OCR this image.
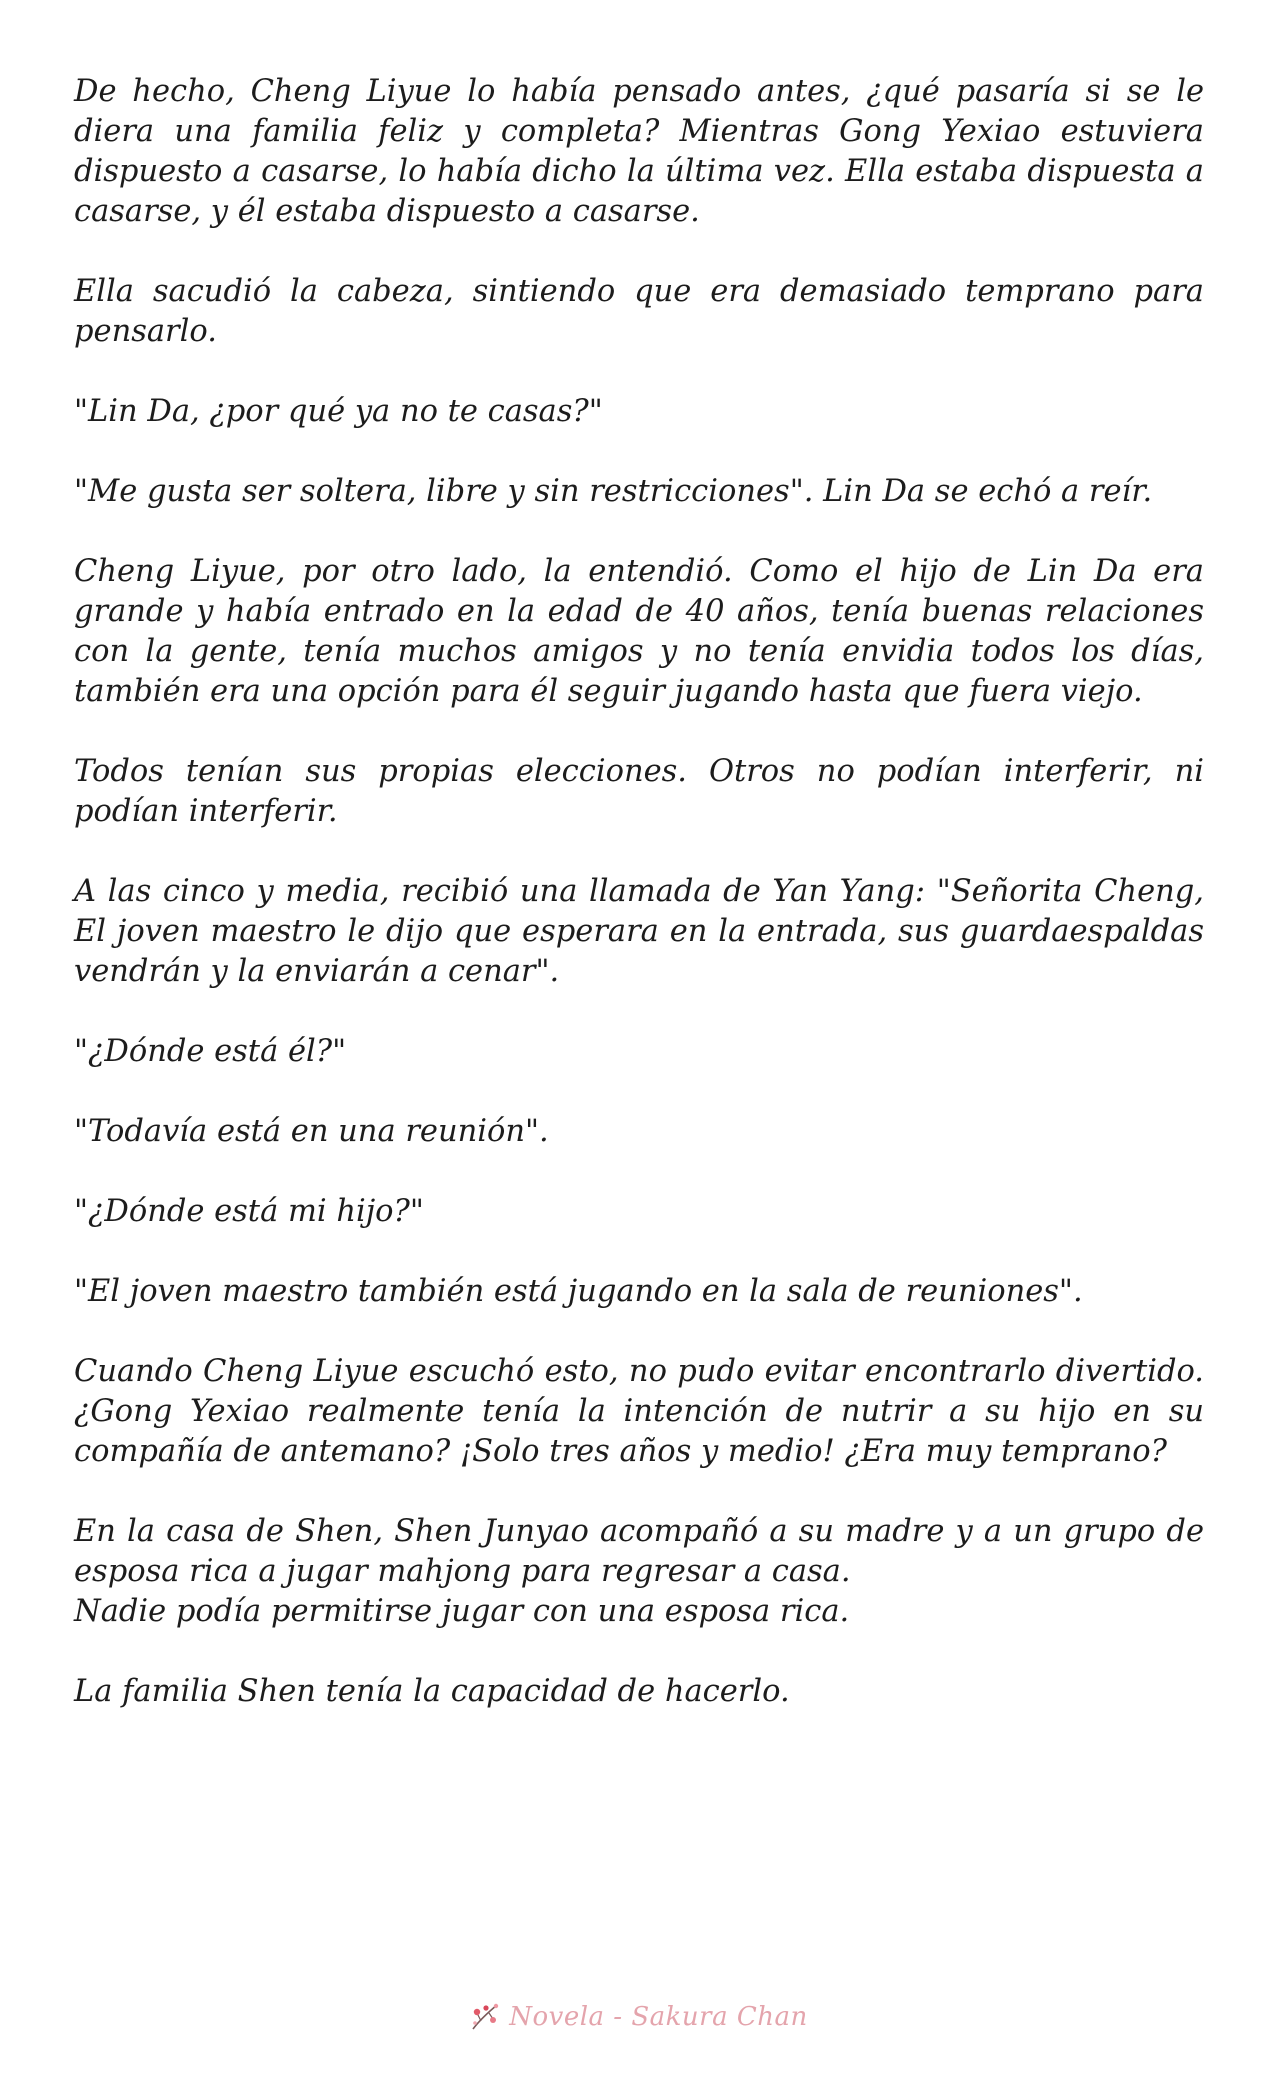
De hecho, Cheng Liyue lo había pensado antes, ¿qué pasaría si se le diera una familia feliz y completa? Mientras Gong Yexiao estuviera dispuesto a casarse, lo había dicho la última vez. Ella estaba dispuesta a casarse, y él estaba dispuesto a casarse.

Ella sacudió la cabeza, sintiendo que era demasiado temprano para pensarlo.

"Lin Da, ¿por qué ya no te casas?"

"Me gusta ser soltera, libre y sin restricciones". Lin Da se echó a reír.

Cheng Liyue, por otro lado, la entendió. Como el hijo de Lin Da era grande y había entrado en la edad de 40 años, tenía buenas relaciones con la gente, tenía muchos amigos y no tenía envidia todos los días, también era una opción para él seguir jugando hasta que fuera viejo.

Todos tenían sus propias elecciones. Otros no podían interferir, ni podían interferir.

A las cinco y media, recibió una llamada de Yan Yang: "Señorita Cheng, El joven maestro le dijo que esperara en la entrada, sus guardaespaldas vendrán y la enviarán a cenar".

"¿Dónde está él?"

"Todavía está en una reunión".

"¿Dónde está mi hijo?"

"El joven maestro también está jugando en la sala de reuniones".

Cuando Cheng Liyue escuchó esto, no pudo evitar encontrarlo divertido. ¿Gong Yexiao realmente tenía la intención de nutrir a su hijo en su compañía de antemano? ¡Solo tres años y medio! ¿Era muy temprano?

En la casa de Shen, Shen Junyao acompañó a su madre y a un grupo de esposa rica a jugar mahjong para regresar a casa.
Nadie podía permitirse jugar con una esposa rica.

La familia Shen tenía la capacidad de hacerlo.

Novela - Sakura Chan
